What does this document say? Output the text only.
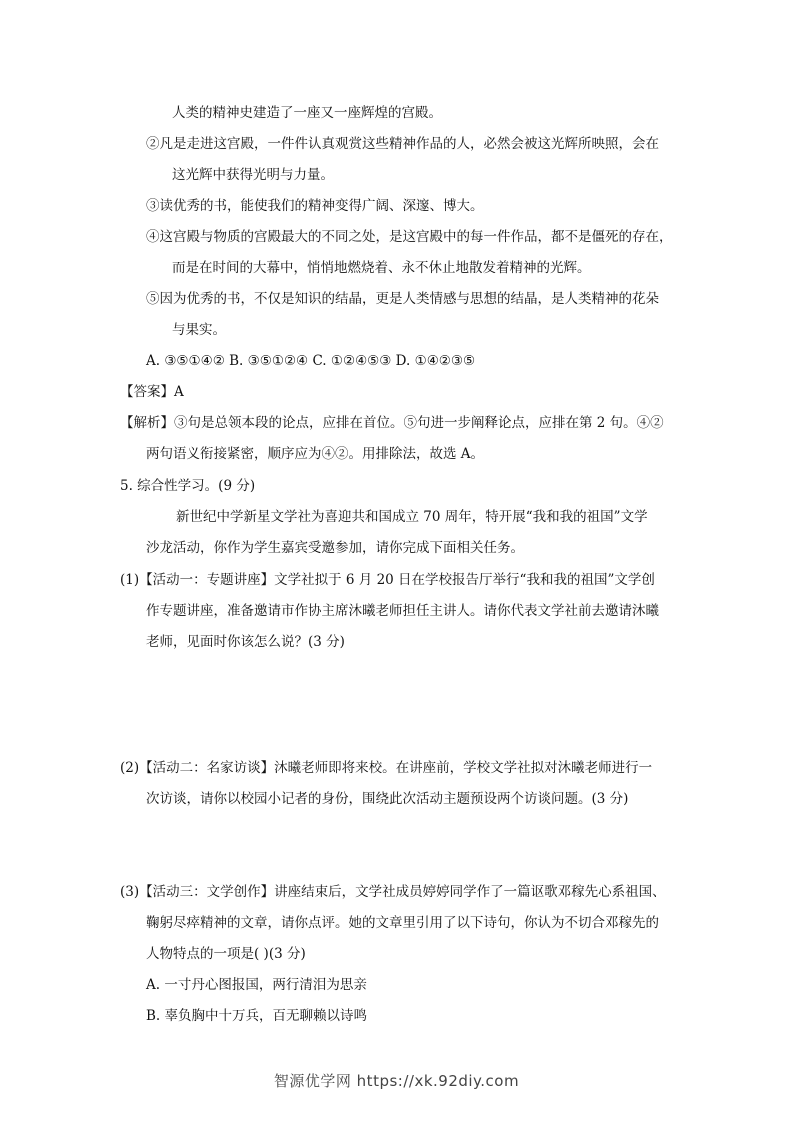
人类的精神史建造了一座又一座辉煌的宫殿。
②凡是走进这宫殿，一件件认真观赏这些精神作品的人，必然会被这光辉所映照，会在
这光辉中获得光明与力量。
③读优秀的书，能使我们的精神变得广阔、深邃、博大。
④这宫殿与物质的宫殿最大的不同之处，是这宫殿中的每一件作品，都不是僵死的存在，
而是在时间的大幕中，悄悄地燃烧着、永不休止地散发着精神的光辉。
⑤因为优秀的书，不仅是知识的结晶，更是人类情感与思想的结晶，是人类精神的花朵
与果实。
A. ③⑤①④② B. ③⑤①②④ C. ①②④⑤③ D. ①④②③⑤
【答案】A
【解析】③句是总领本段的论点，应排在首位。⑤句进一步阐释论点，应排在第 2 句。④②
两句语义衔接紧密，顺序应为④②。用排除法，故选 A。
5. 综合性学习。(9 分)
新世纪中学新星文学社为喜迎共和国成立 70 周年，特开展“我和我的祖国”文学
沙龙活动，你作为学生嘉宾受邀参加，请你完成下面相关任务。
(1)【活动一：专题讲座】文学社拟于 6 月 20 日在学校报告厅举行“我和我的祖国”文学创
作专题讲座，准备邀请市作协主席沐曦老师担任主讲人。请你代表文学社前去邀请沐曦
老师，见面时你该怎么说？(3 分)
(2)【活动二：名家访谈】沐曦老师即将来校。在讲座前，学校文学社拟对沐曦老师进行一
次访谈，请你以校园小记者的身份，围绕此次活动主题预设两个访谈问题。(3 分)
(3)【活动三：文学创作】讲座结束后，文学社成员婷婷同学作了一篇讴歌邓稼先心系祖国、
鞠躬尽瘁精神的文章，请你点评。她的文章里引用了以下诗句，你认为不切合邓稼先的
人物特点的一项是( )(3 分)
A. 一寸丹心图报国，两行清泪为思亲
B. 辜负胸中十万兵，百无聊赖以诗鸣
智源优学网 https://xk.92diy.com
